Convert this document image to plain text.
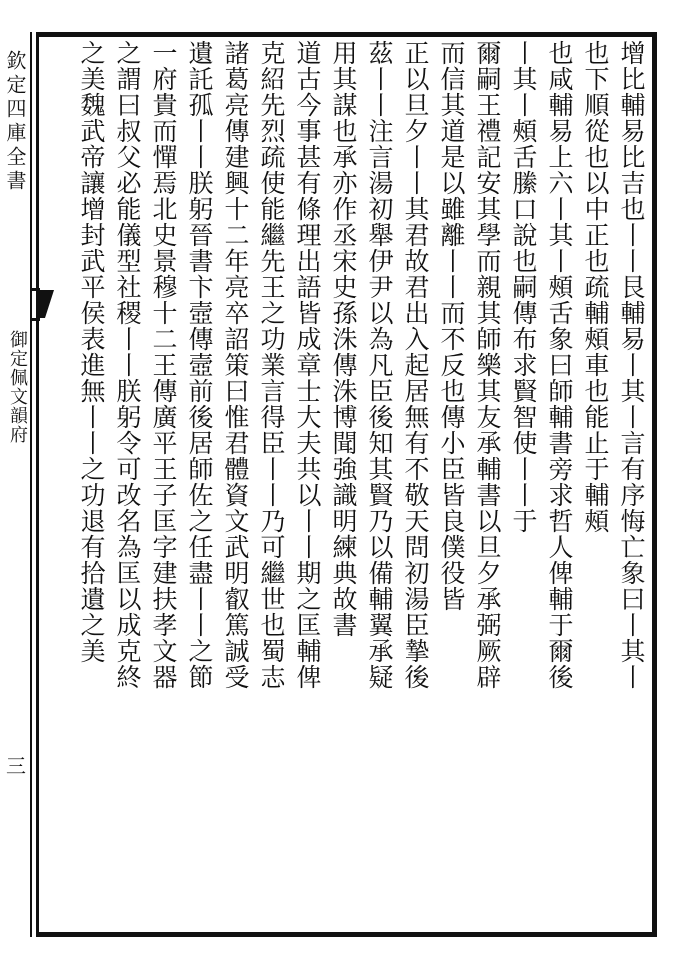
欽定四庫全書
御定佩文韻府
三
增比輔易比吉也丨丨艮輔易丨其丨言有序悔亡象曰丨其丨
也下順從也以中正也疏輔頰車也能止于輔頰
也咸輔易上六丨其丨頰舌象曰師輔書旁求哲人俾輔于爾後
丨其丨頰舌縢口說也嗣傳布求賢智使丨丨于
爾嗣王禮記安其學而親其師樂其友承輔書以旦夕承弼厥辟
而信其道是以雖離丨丨而不反也傳小臣皆良僕役皆
正以旦夕丨丨其君故君出入起居無有不敬天問初湯臣摯後
茲丨丨注言湯初舉伊尹以為凡臣後知其賢乃以備輔翼承疑
用其謀也承亦作丞宋史孫洙傳洙博聞強識明練典故書
道古今事甚有條理出語皆成章士大夫共以丨丨期之匡輔俾
克紹先烈疏使能繼先王之功業言得臣丨丨乃可繼世也蜀志
諸葛亮傳建興十二年亮卒詔策曰惟君體資文武明叡篤誠受
遺託孤丨丨朕躬晉書卞壼傳壼前後居師佐之任盡丨丨之節
一府貴而憚焉北史景穆十二王傳廣平王子匡字建扶孝文器
之謂曰叔父必能儀型社稷丨丨朕躬令可改名為匡以成克終
之美魏武帝讓增封武平侯表進無丨丨之功退有拾遺之美
